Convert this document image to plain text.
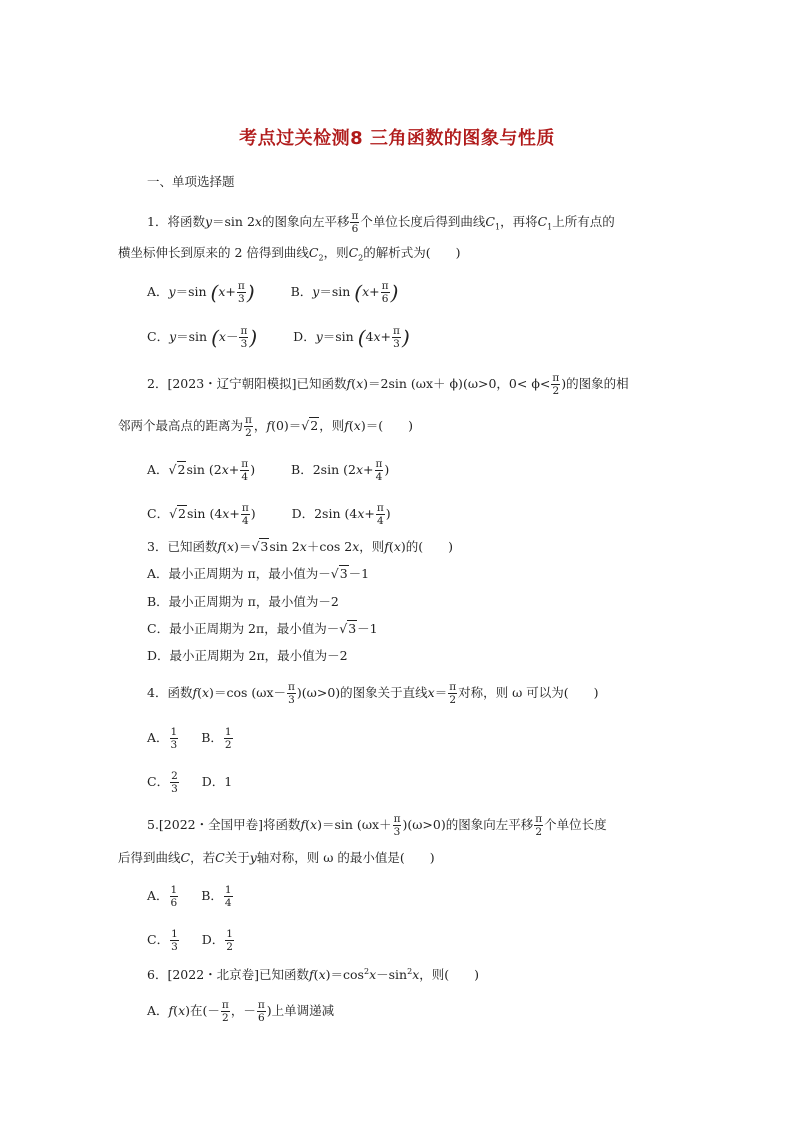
考点过关检测8 三角函数的图象与性质
一、单项选择题
1．将函数y＝sin 2x的图象向左平移 $\frac{\pi}{6}$ 个单位长度后得到曲线$C_1$，再将$C_1$上所有点的
横坐标伸长到原来的 2 倍得到曲线$C_2$，则$C_2$的解析式为(　　)
A．y＝sin ($x+ \frac{\pi}{3}$ )	B．y＝sin ($x+ \frac{\pi}{6}$ )
C．y＝sin ($x- \frac{\pi}{3}$ )	D．y＝sin ($4x+ \frac{\pi}{3}$ )
2．[2023・辽宁朝阳模拟]已知函数f(x)＝2sin (ωx＋ ϕ)(ω>0，$0< \phi< \frac{\pi}{2}$ )的图象的相
邻两个最高点的距离为 $\frac{\pi}{2}$ ，f(0)＝√2，则f(x)＝(　　)
A．√2sin ($2x+ \frac{\pi}{4}$ )	B．2sin ($2x+ \frac{\pi}{4}$ )
C．√2sin ($4x+ \frac{\pi}{4}$ )	D．2sin ($4x+ \frac{\pi}{4}$ )
3．已知函数f(x)＝√3sin 2x＋cos 2x，则f(x)的(　　)
A．最小正周期为 π，最小值为－√3－1
B．最小正周期为 π，最小值为－2
C．最小正周期为 2π，最小值为－√3－1
D．最小正周期为 2π，最小值为－2
4．函数f(x)＝cos $(\omega x- \frac{\pi}{3} )(\omega>0)$的图象关于直线$x= \frac{\pi}{2}$ 对称，则 ω 可以为(　　)
A． $\frac{1}{3}$ B． $\frac{1}{2}$
C． $\frac{2}{3}$ D．1
5.[2022・全国甲卷]将函数f(x)＝sin $(\omega x+ \frac{\pi}{3} )(\omega>0)$的图象向左平移 $\frac{\pi}{2}$ 个单位长度
后得到曲线C，若C关于y轴对称，则 ω 的最小值是(　　)
A． $\frac{1}{6}$ B． $\frac{1}{4}$
C． $\frac{1}{3}$ D． $\frac{1}{2}$
6．[2022・北京卷]已知函数$f(x)=\cos^2x-\sin^2x$，则(　　)
A．f(x)在(－ $\frac{\pi}{2}$ ，－ $\frac{\pi}{6}$ )上单调递减
